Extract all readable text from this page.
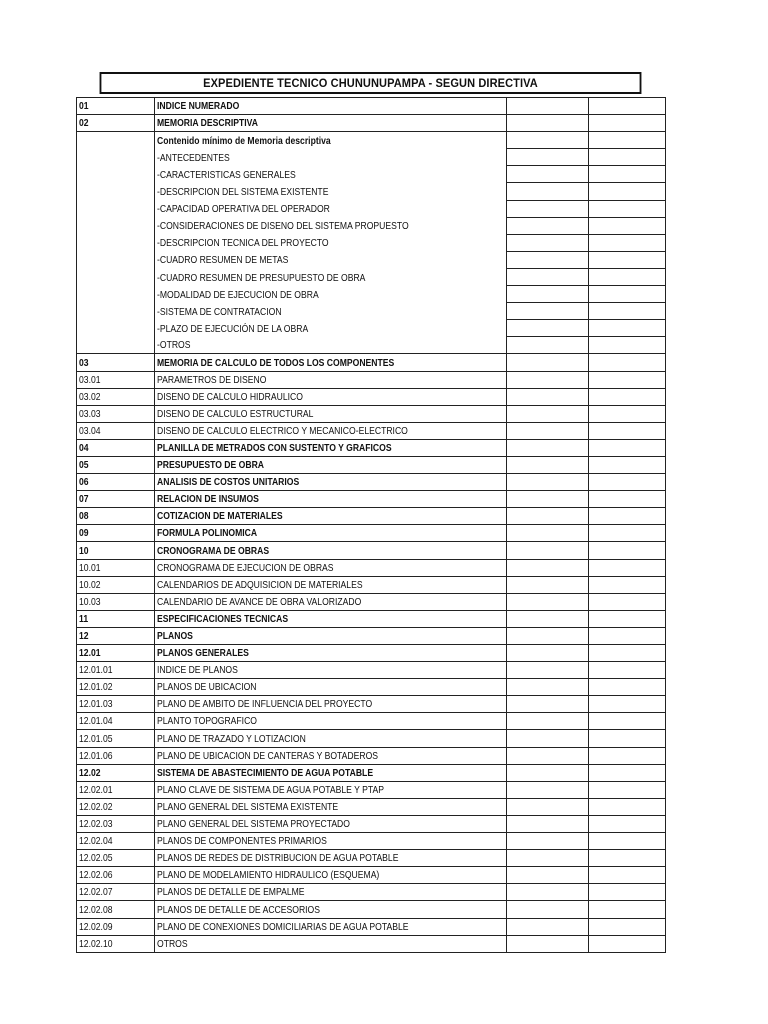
EXPEDIENTE TECNICO CHUNUNUPAMPA - SEGUN DIRECTIVA
01	INDICE NUMERADO		
02	MEMORIA DESCRIPTIVA		
	Contenido mínimo de Memoria descriptiva		
	-ANTECEDENTES		
	-CARACTERISTICAS GENERALES		
	-DESCRIPCION DEL SISTEMA EXISTENTE		
	-CAPACIDAD OPERATIVA DEL OPERADOR		
	-CONSIDERACIONES DE DISENO DEL SISTEMA PROPUESTO		
	-DESCRIPCION TECNICA DEL PROYECTO		
	-CUADRO RESUMEN DE METAS		
	-CUADRO RESUMEN DE PRESUPUESTO DE OBRA		
	-MODALIDAD DE EJECUCION DE OBRA		
	-SISTEMA DE CONTRATACION		
	-PLAZO DE EJECUCIÓN DE LA OBRA		
	-OTROS		
03	MEMORIA DE CALCULO DE TODOS LOS COMPONENTES		
03.01	PARAMETROS DE DISENO		
03.02	DISENO DE CALCULO HIDRAULICO		
03.03	DISENO DE CALCULO ESTRUCTURAL		
03.04	DISENO DE CALCULO ELECTRICO Y MECANICO-ELECTRICO		
04	PLANILLA DE METRADOS CON SUSTENTO Y GRAFICOS		
05	PRESUPUESTO DE OBRA		
06	ANALISIS DE COSTOS UNITARIOS		
07	RELACION DE INSUMOS		
08	COTIZACION DE MATERIALES		
09	FORMULA POLINOMICA		
10	CRONOGRAMA DE OBRAS		
10.01	CRONOGRAMA DE EJECUCION DE OBRAS		
10.02	CALENDARIOS DE ADQUISICION DE MATERIALES		
10.03	CALENDARIO DE AVANCE DE OBRA VALORIZADO		
11	ESPECIFICACIONES TECNICAS		
12	PLANOS		
12.01	PLANOS GENERALES		
12.01.01	INDICE DE PLANOS		
12.01.02	PLANOS DE UBICACION		
12.01.03	PLANO DE AMBITO DE INFLUENCIA DEL PROYECTO		
12.01.04	PLANTO TOPOGRAFICO		
12.01.05	PLANO DE TRAZADO Y LOTIZACION		
12.01.06	PLANO DE UBICACION DE CANTERAS Y BOTADEROS		
12.02	SISTEMA DE ABASTECIMIENTO DE AGUA POTABLE		
12.02.01	PLANO CLAVE DE SISTEMA DE AGUA POTABLE Y PTAP		
12.02.02	PLANO GENERAL DEL SISTEMA EXISTENTE		
12.02.03	PLANO GENERAL DEL SISTEMA PROYECTADO		
12.02.04	PLANOS DE COMPONENTES PRIMARIOS		
12.02.05	PLANOS DE REDES DE DISTRIBUCION DE AGUA POTABLE		
12.02.06	PLANO DE MODELAMIENTO HIDRAULICO (ESQUEMA)		
12.02.07	PLANOS DE DETALLE DE EMPALME		
12.02.08	PLANOS DE DETALLE DE ACCESORIOS		
12.02.09	PLANO DE CONEXIONES DOMICILIARIAS DE AGUA POTABLE		
12.02.10	OTROS		
